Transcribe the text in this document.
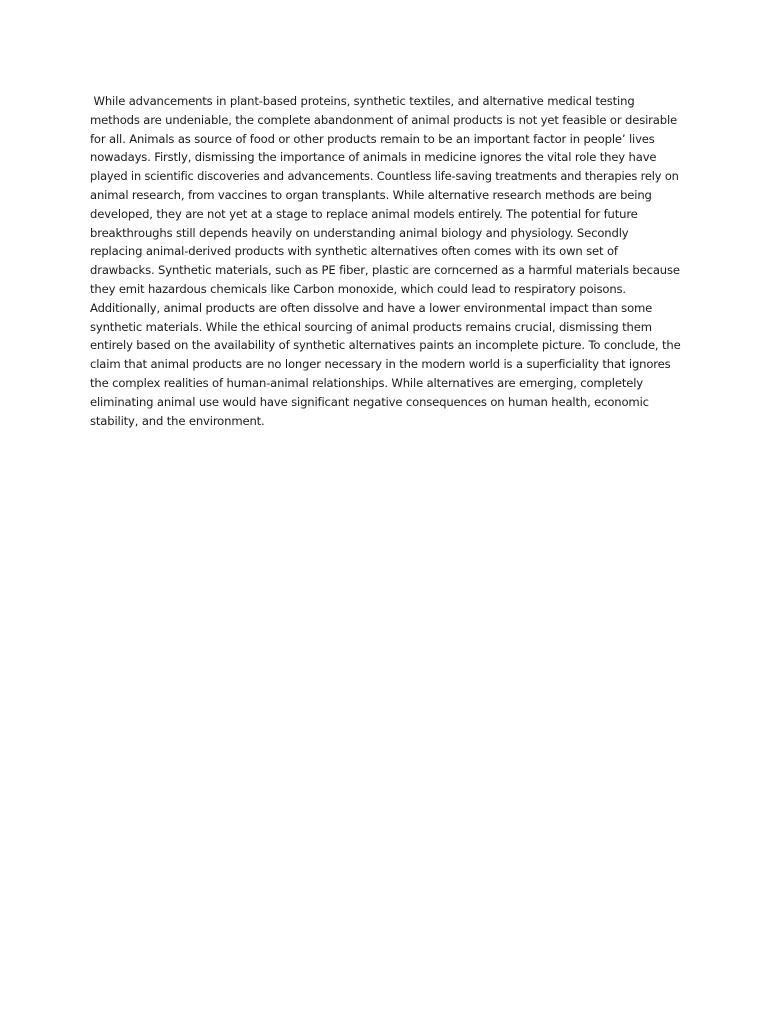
While advancements in plant-based proteins, synthetic textiles, and alternative medical testing
methods are undeniable, the complete abandonment of animal products is not yet feasible or desirable
for all. Animals as source of food or other products remain to be an important factor in people’ lives
nowadays. Firstly, dismissing the importance of animals in medicine ignores the vital role they have
played in scientific discoveries and advancements. Countless life-saving treatments and therapies rely on
animal research, from vaccines to organ transplants. While alternative research methods are being
developed, they are not yet at a stage to replace animal models entirely. The potential for future
breakthroughs still depends heavily on understanding animal biology and physiology. Secondly
replacing animal-derived products with synthetic alternatives often comes with its own set of
drawbacks. Synthetic materials, such as PE fiber, plastic are corncerned as a harmful materials because
they emit hazardous chemicals like Carbon monoxide, which could lead to respiratory poisons.
Additionally, animal products are often dissolve and have a lower environmental impact than some
synthetic materials. While the ethical sourcing of animal products remains crucial, dismissing them
entirely based on the availability of synthetic alternatives paints an incomplete picture. To conclude, the
claim that animal products are no longer necessary in the modern world is a superficiality that ignores
the complex realities of human-animal relationships. While alternatives are emerging, completely
eliminating animal use would have significant negative consequences on human health, economic
stability, and the environment.
